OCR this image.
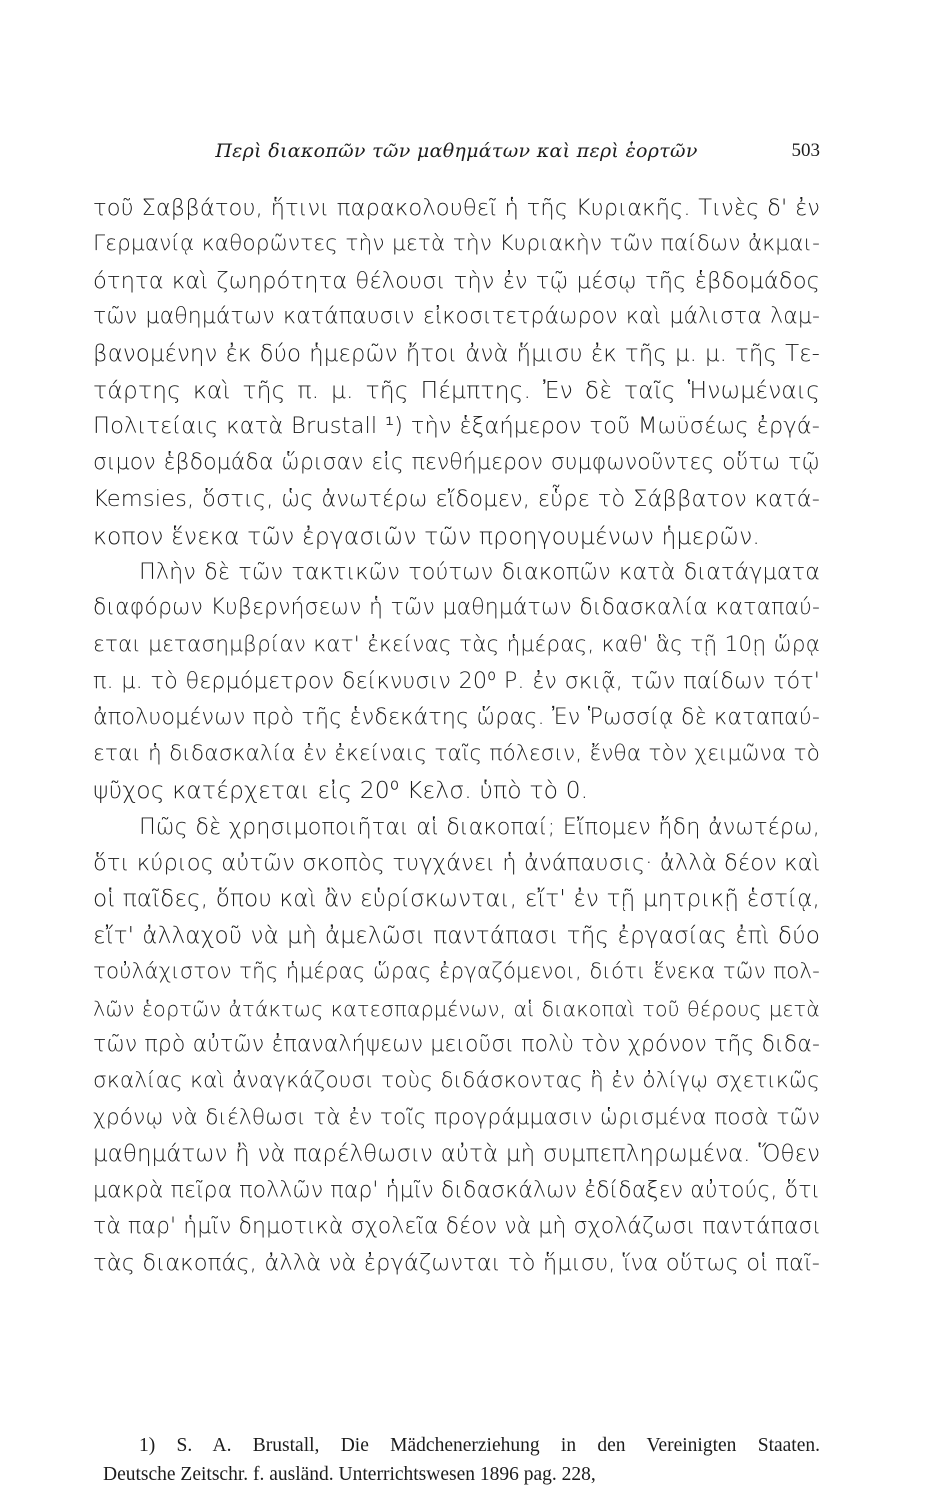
Περὶ διακοπῶν τῶν μαθημάτων καὶ περὶ ἑορτῶν	503
τοῦ Σαββάτου, ἥτινι παρακολουθεῖ ἡ τῆς Κυριακῆς. Τινὲς δ' ἐν
Γερμανίᾳ καθορῶντες τὴν μετὰ τὴν Κυριακὴν τῶν παίδων ἀκμαι-
ότητα καὶ ζωηρότητα θέλουσι τὴν ἐν τῷ μέσῳ τῆς ἑβδομάδος
τῶν μαθημάτων κατάπαυσιν εἰκοσιτετράωρον καὶ μάλιστα λαμ-
βανομένην ἐκ δύο ἡμερῶν ἤτοι ἀνὰ ἥμισυ ἐκ τῆς μ. μ. τῆς Τε-
τάρτης καὶ τῆς π. μ. τῆς Πέμπτης. Ἐν δὲ ταῖς Ἡνωμέναις
Πολιτείαις κατὰ Brustall ¹) τὴν ἑξαήμερον τοῦ Μωϋσέως ἐργά-
σιμον ἑβδομάδα ὥρισαν εἰς πενθήμερον συμφωνοῦντες οὕτω τῷ
Kemsies, ὅστις, ὡς ἀνωτέρω εἴδομεν, εὗρε τὸ Σάββατον κατά-
κοπον ἕνεκα τῶν ἐργασιῶν τῶν προηγουμένων ἡμερῶν.
Πλὴν δὲ τῶν τακτικῶν τούτων διακοπῶν κατὰ διατάγματα
διαφόρων Κυβερνήσεων ἡ τῶν μαθημάτων διδασκαλία καταπαύ-
εται μετασημβρίαν κατ' ἐκείνας τὰς ἡμέρας, καθ' ἃς τῇ 10ῃ ὥρᾳ
π. μ. τὸ θερμόμετρον δείκνυσιν 20⁰ Ρ. ἐν σκιᾷ, τῶν παίδων τότ'
ἀπολυομένων πρὸ τῆς ἑνδεκάτης ὥρας. Ἐν Ῥωσσίᾳ δὲ καταπαύ-
εται ἡ διδασκαλία ἐν ἐκείναις ταῖς πόλεσιν, ἔνθα τὸν χειμῶνα τὸ
ψῦχος κατέρχεται εἰς 20⁰ Κελσ. ὑπὸ τὸ 0.
Πῶς δὲ χρησιμοποιῆται αἱ διακοπαί; Εἴπομεν ἤδη ἀνωτέρω,
ὅτι κύριος αὐτῶν σκοπὸς τυγχάνει ἡ ἀνάπαυσις· ἀλλὰ δέον καὶ
οἱ παῖδες, ὅπου καὶ ἂν εὑρίσκωνται, εἴτ' ἐν τῇ μητρικῇ ἑστίᾳ,
εἴτ' ἀλλαχοῦ νὰ μὴ ἀμελῶσι παντάπασι τῆς ἐργασίας ἐπὶ δύο
τοὐλάχιστον τῆς ἡμέρας ὥρας ἐργαζόμενοι, διότι ἕνεκα τῶν πολ-
λῶν ἑορτῶν ἀτάκτως κατεσπαρμένων, αἱ διακοπαὶ τοῦ θέρους μετὰ
τῶν πρὸ αὐτῶν ἐπαναλήψεων μειοῦσι πολὺ τὸν χρόνον τῆς διδα-
σκαλίας καὶ ἀναγκάζουσι τοὺς διδάσκοντας ἢ ἐν ὀλίγῳ σχετικῶς
χρόνῳ νὰ διέλθωσι τὰ ἐν τοῖς προγράμμασιν ὡρισμένα ποσὰ τῶν
μαθημάτων ἢ νὰ παρέλθωσιν αὐτὰ μὴ συμπεπληρωμένα. Ὅθεν
μακρὰ πεῖρα πολλῶν παρ' ἡμῖν διδασκάλων ἐδίδαξεν αὐτούς, ὅτι
τὰ παρ' ἡμῖν δημοτικὰ σχολεῖα δέον νὰ μὴ σχολάζωσι παντάπασι
τὰς διακοπάς, ἀλλὰ νὰ ἐργάζωνται τὸ ἥμισυ, ἵνα οὕτως οἱ παῖ-
1) S. A. Brustall, Die Mädchenerziehung in den Vereinigten Staaten.
Deutsche Zeitschr. f. ausländ. Unterrichtswesen 1896 pag. 228,
